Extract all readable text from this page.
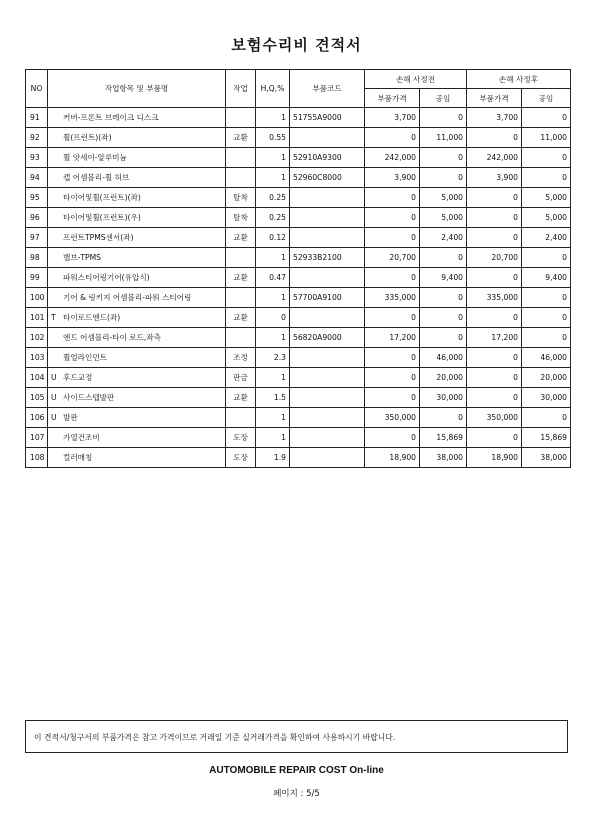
보험수리비 견적서
NO	작업항목 및 부품명	작업	H,Q,%	부품코드	손해 사정전		손해 사정후	
					부품가격	공임	부품가격	공임
91	커버-프론트 브레이크 디스크		1	51755A9000	3,700	0	3,700	0
92	휠(프런트)(좌)	교환	0.55		0	11,000	0	11,000
93	휠 앗세이-알루미늄		1	52910A9300	242,000	0	242,000	0
94	캡 어셈블리-휠 허브		1	52960C8000	3,900	0	3,900	0
95	타이어및휠(프런트)(좌)	탈착	0.25		0	5,000	0	5,000
96	타이어및휠(프런트)(우)	탈착	0.25		0	5,000	0	5,000
97	프런트TPMS센서(좌)	교환	0.12		0	2,400	0	2,400
98	밸브-TPMS		1	52933B2100	20,700	0	20,700	0
99	파워스티어링기어(유압식)	교환	0.47		0	9,400	0	9,400
100	기어 & 링키지 어셈블리-파워 스티어링		1	57700A9100	335,000	0	335,000	0
101	T 타이로드엔드(좌)	교환	0		0	0	0	0
102	엔드 어셈블리-타이 로드,좌측		1	56820A9000	17,200	0	17,200	0
103	휠얼라인먼트	조정	2.3		0	46,000	0	46,000
104	U 후드교정	판금	1		0	20,000	0	20,000
105	U 사이드스텝발판	교환	1.5		0	30,000	0	30,000
106	U 발판		1		350,000	0	350,000	0
107	가열건조비	도장	1		0	15,869	0	15,869
108	컬러매칭	도장	1.9		18,900	38,000	18,900	38,000
이 견적서/청구서의 부품가격은 참고 가격이므로 거래일 기준 실거래가격을 확인하여 사용하시기 바랍니다.
AUTOMOBILE REPAIR COST On-line
페이지 : 5/5
